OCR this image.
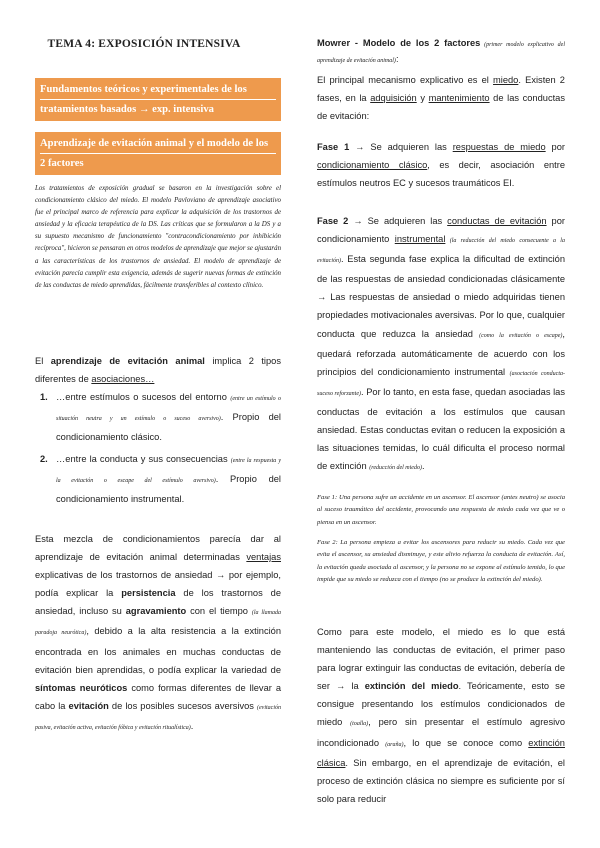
TEMA 4: EXPOSICIÓN INTENSIVA
Fundamentos teóricos y experimentales de los
tratamientos basados → exp. intensiva
Aprendizaje de evitación animal y el modelo de los
2 factores
Los tratamientos de exposición gradual se basaron en la investigación sobre el condicionamiento clásico del miedo. El modelo Pavloviano de aprendizaje asociativo fue el principal marco de referencia para explicar la adquisición de los trastornos de ansiedad y la eficacia terapéutica de la DS. Las críticas que se formularon a la DS y a su supuesto mecanismo de funcionamiento "contracondicionamiento por inhibición recíproca", hicieron se pensaran en otros modelos de aprendizaje que mejor se ajustarán a las características de los trastornos de ansiedad. El modelo de aprendizaje de evitación parecía cumplir esta exigencia, además de sugerir nuevas formas de extinción de las conductas de miedo aprendidas, fácilmente transferibles al contexto clínico.
El aprendizaje de evitación animal implica 2 tipos diferentes de asociaciones…
1. …entre estímulos o sucesos del entorno (entre un estímulo o situación neutra y un estímulo o suceso aversivo). Propio del condicionamiento clásico.
2. …entre la conducta y sus consecuencias (entre la respuesta y la evitación o escape del estímulo aversivo). Propio del condicionamiento instrumental.
Esta mezcla de condicionamientos parecía dar al aprendizaje de evitación animal determinadas ventajas explicativas de los trastornos de ansiedad → por ejemplo, podía explicar la persistencia de los trastornos de ansiedad, incluso su agravamiento con el tiempo (la llamada paradoja neurótica), debido a la alta resistencia a la extinción encontrada en los animales en muchas conductas de evitación bien aprendidas, o podía explicar la variedad de síntomas neuróticos como formas diferentes de llevar a cabo la evitación de los posibles sucesos aversivos (evitación pasiva, evitación activa, evitación fóbica y evitación ritualística).
Mowrer - Modelo de los 2 factores (primer modelo explicativo del aprendizaje de evitación animal):
El principal mecanismo explicativo es el miedo. Existen 2 fases, en la adquisición y mantenimiento de las conductas de evitación:
Fase 1 → Se adquieren las respuestas de miedo por condicionamiento clásico, es decir, asociación entre estímulos neutros EC y sucesos traumáticos EI.
Fase 2 → Se adquieren las conductas de evitación por condicionamiento instrumental (la reducción del miedo consecuente a la evitación). Esta segunda fase explica la dificultad de extinción de las respuestas de ansiedad condicionadas clásicamente → Las respuestas de ansiedad o miedo adquiridas tienen propiedades motivacionales aversivas. Por lo que, cualquier conducta que reduzca la ansiedad (como la evitación o escape), quedará reforzada automáticamente de acuerdo con los principios del condicionamiento instrumental (asociación conducta-suceso reforzante). Por lo tanto, en esta fase, quedan asociadas las conductas de evitación a los estímulos que causan ansiedad. Estas conductas evitan o reducen la exposición a las situaciones temidas, lo cuál dificulta el proceso normal de extinción (reducción del miedo).
Fase 1: Una persona sufre un accidente en un ascensor. El ascensor (antes neutro) se asocia al suceso traumático del accidente, provocando una respuesta de miedo cada vez que ve o piensa en un ascensor.
Fase 2: La persona empieza a evitar los ascensores para reducir su miedo. Cada vez que evita el ascensor, su ansiedad disminuye, y este alivio refuerza la conducta de evitación. Así, la evitación queda asociada al ascensor, y la persona no se expone al estímulo temido, lo que impide que su miedo se reduzca con el tiempo (no se produce la extinción del miedo).
Como para este modelo, el miedo es lo que está manteniendo las conductas de evitación, el primer paso para lograr extinguir las conductas de evitación, debería de ser → la extinción del miedo. Teóricamente, esto se consigue presentando los estímulos condicionados de miedo (toalla), pero sin presentar el estímulo agresivo incondicionado (araña), lo que se conoce como extinción clásica. Sin embargo, en el aprendizaje de evitación, el proceso de extinción clásica no siempre es suficiente por sí solo para reducir
